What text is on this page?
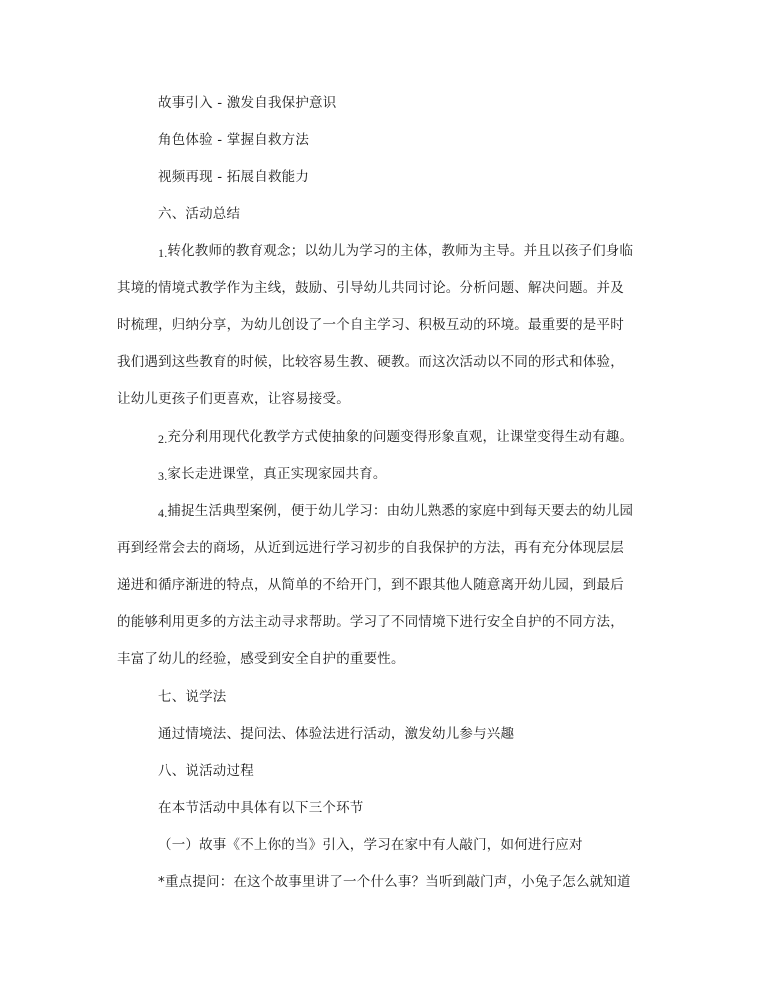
故事引入 - 激发自我保护意识
角色体验 - 掌握自救方法
视频再现 - 拓展自救能力
六、活动总结
1.转化教师的教育观念；以幼儿为学习的主体，教师为主导。并且以孩子们身临
其境的情境式教学作为主线，鼓励、引导幼儿共同讨论。分析问题、解决问题。并及
时梳理，归纳分享，为幼儿创设了一个自主学习、积极互动的环境。最重要的是平时
我们遇到这些教育的时候，比较容易生教、硬教。而这次活动以不同的形式和体验，
让幼儿更孩子们更喜欢，让容易接受。
2.充分利用现代化教学方式使抽象的问题变得形象直观，让课堂变得生动有趣。
3.家长走进课堂，真正实现家园共育。
4.捕捉生活典型案例，便于幼儿学习：由幼儿熟悉的家庭中到每天要去的幼儿园
再到经常会去的商场，从近到远进行学习初步的自我保护的方法，再有充分体现层层
递进和循序渐进的特点，从简单的不给开门，到不跟其他人随意离开幼儿园，到最后
的能够利用更多的方法主动寻求帮助。学习了不同情境下进行安全自护的不同方法，
丰富了幼儿的经验，感受到安全自护的重要性。
七、说学法
通过情境法、提问法、体验法进行活动，激发幼儿参与兴趣
八、说活动过程
在本节活动中具体有以下三个环节
（一）故事《不上你的当》引入，学习在家中有人敲门，如何进行应对
*重点提问：在这个故事里讲了一个什么事？当听到敲门声，小兔子怎么就知道
